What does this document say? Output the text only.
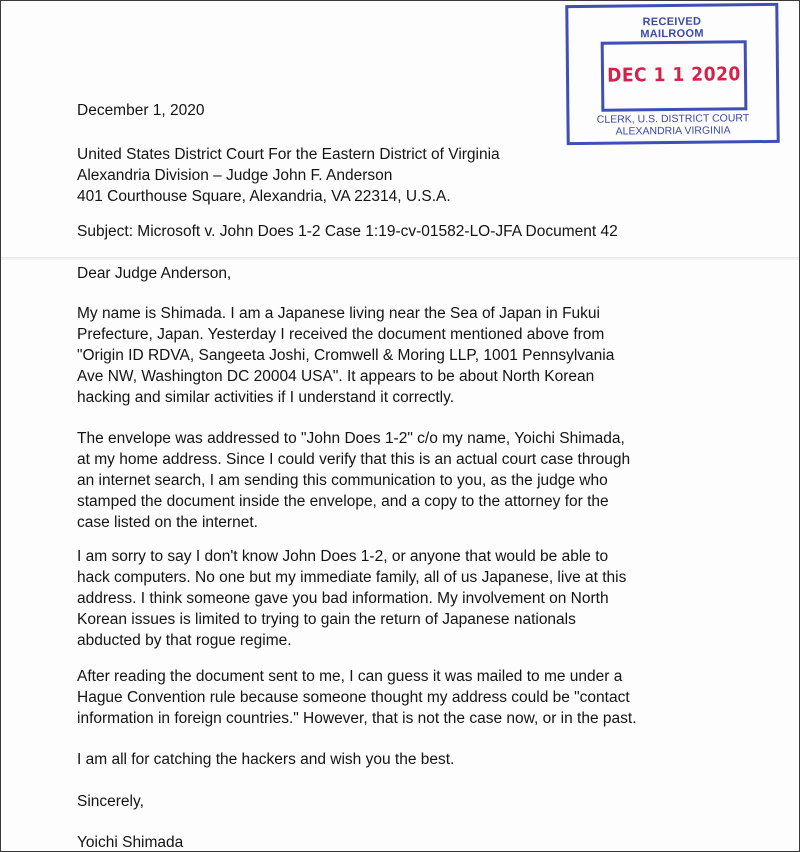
RECEIVED

MAILROOM

DEC 1 1 2020

CLERK, U.S. DISTRICT COURT

ALEXANDRIA VIRGINIA

December 1, 2020

United States District Court For the Eastern District of Virginia
Alexandria Division – Judge John F. Anderson
401 Courthouse Square, Alexandria, VA 22314, U.S.A.

Subject: Microsoft v. John Does 1-2 Case 1:19-cv-01582-LO-JFA Document 42

Dear Judge Anderson,

My name is Shimada. I am a Japanese living near the Sea of Japan in Fukui
Prefecture, Japan. Yesterday I received the document mentioned above from
"Origin ID RDVA, Sangeeta Joshi, Cromwell & Moring LLP, 1001 Pennsylvania
Ave NW, Washington DC 20004 USA". It appears to be about North Korean
hacking and similar activities if I understand it correctly.
The envelope was addressed to "John Does 1-2" c/o my name, Yoichi Shimada,
at my home address. Since I could verify that this is an actual court case through
an internet search, I am sending this communication to you, as the judge who
stamped the document inside the envelope, and a copy to the attorney for the
case listed on the internet.
I am sorry to say I don't know John Does 1-2, or anyone that would be able to
hack computers. No one but my immediate family, all of us Japanese, live at this
address. I think someone gave you bad information. My involvement on North
Korean issues is limited to trying to gain the return of Japanese nationals
abducted by that rogue regime.
After reading the document sent to me, I can guess it was mailed to me under a
Hague Convention rule because someone thought my address could be "contact
information in foreign countries." However, that is not the case now, or in the past.

I am all for catching the hackers and wish you the best.

Sincerely,

Yoichi Shimada
